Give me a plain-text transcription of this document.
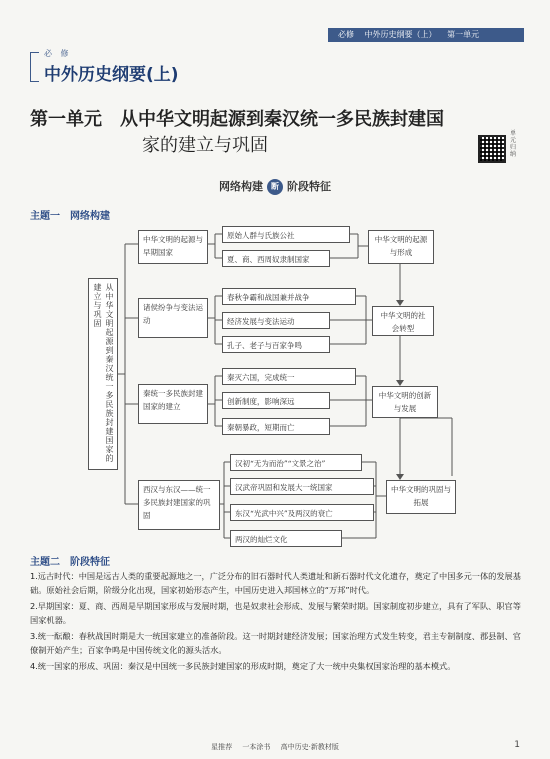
必修 中外历史纲要（上） 第一单元
必 修
中外历史纲要(上)
第一单元 从中华文明起源到秦汉统一多民族封建国
家的建立与巩固
单元归纳
网络构建 断 阶段特征
主题一 网络构建
从中华文明起源到秦汉统一多民族封建国家的建立与巩固
中华文明的起源与早期国家
诸侯纷争与变法运动
秦统一多民族封建国家的建立
西汉与东汉——统一多民族封建国家的巩固
原始人群与氏族公社
夏、商、西周奴隶制国家
春秋争霸和战国兼并战争
经济发展与变法运动
孔子、老子与百家争鸣
秦灭六国，完成统一
创新制度，影响深远
秦朝暴政，短期而亡
汉初“无为而治”“文景之治”
汉武帝巩固和发展大一统国家
东汉“光武中兴”及两汉的衰亡
两汉的灿烂文化
中华文明的起源与形成
中华文明的社会转型
中华文明的创新与发展
中华文明的巩固与拓展
主题二 阶段特征
1.远古时代：中国是远古人类的重要起源地之一，广泛分布的旧石器时代人类遗址和新石器时代文化遗存，奠定了中国多元一体的发展基础。原始社会后期，阶级分化出现，国家初始形态产生，中国历史进入邦国林立的“万邦”时代。
2.早期国家：夏、商、西周是早期国家形成与发展时期，也是奴隶社会形成、发展与繁荣时期。国家制度初步建立，具有了军队、职官等国家机器。
3.统一酝酿：春秋战国时期是大一统国家建立的准备阶段。这一时期封建经济发展；国家治理方式发生转变，君主专制制度、郡县制、官僚制开始产生；百家争鸣是中国传统文化的源头活水。
4.统一国家的形成、巩固：秦汉是中国统一多民族封建国家的形成时期，奠定了大一统中央集权国家治理的基本模式。
星推荐 一本涂书 高中历史·新教材版	1
